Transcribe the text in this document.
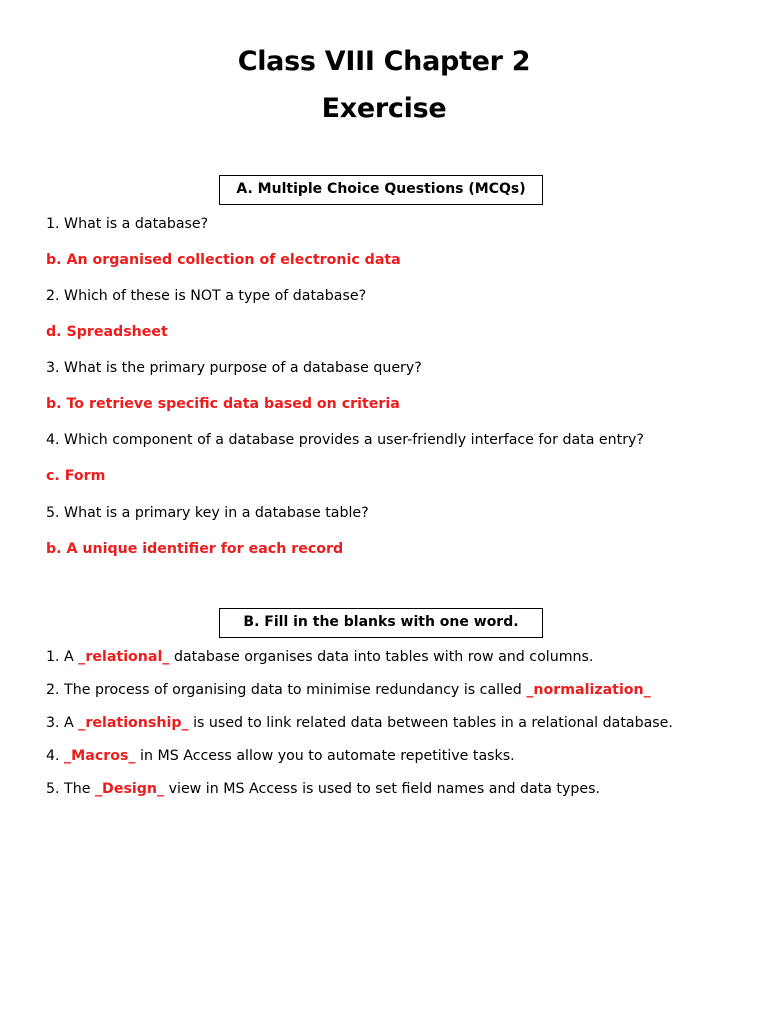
Class VIII Chapter 2
Exercise
A. Multiple Choice Questions (MCQs)
1. What is a database?
b. An organised collection of electronic data
2. Which of these is NOT a type of database?
d. Spreadsheet
3. What is the primary purpose of a database query?
b. To retrieve specific data based on criteria
4. Which component of a database provides a user-friendly interface for data entry?
c. Form
5. What is a primary key in a database table?
b. A unique identifier for each record
B. Fill in the blanks with one word.
1. A _relational_ database organises data into tables with row and columns.
2. The process of organising data to minimise redundancy is called _normalization_
3. A _relationship_ is used to link related data between tables in a relational database.
4. _Macros_ in MS Access allow you to automate repetitive tasks.
5. The _Design_ view in MS Access is used to set field names and data types.
